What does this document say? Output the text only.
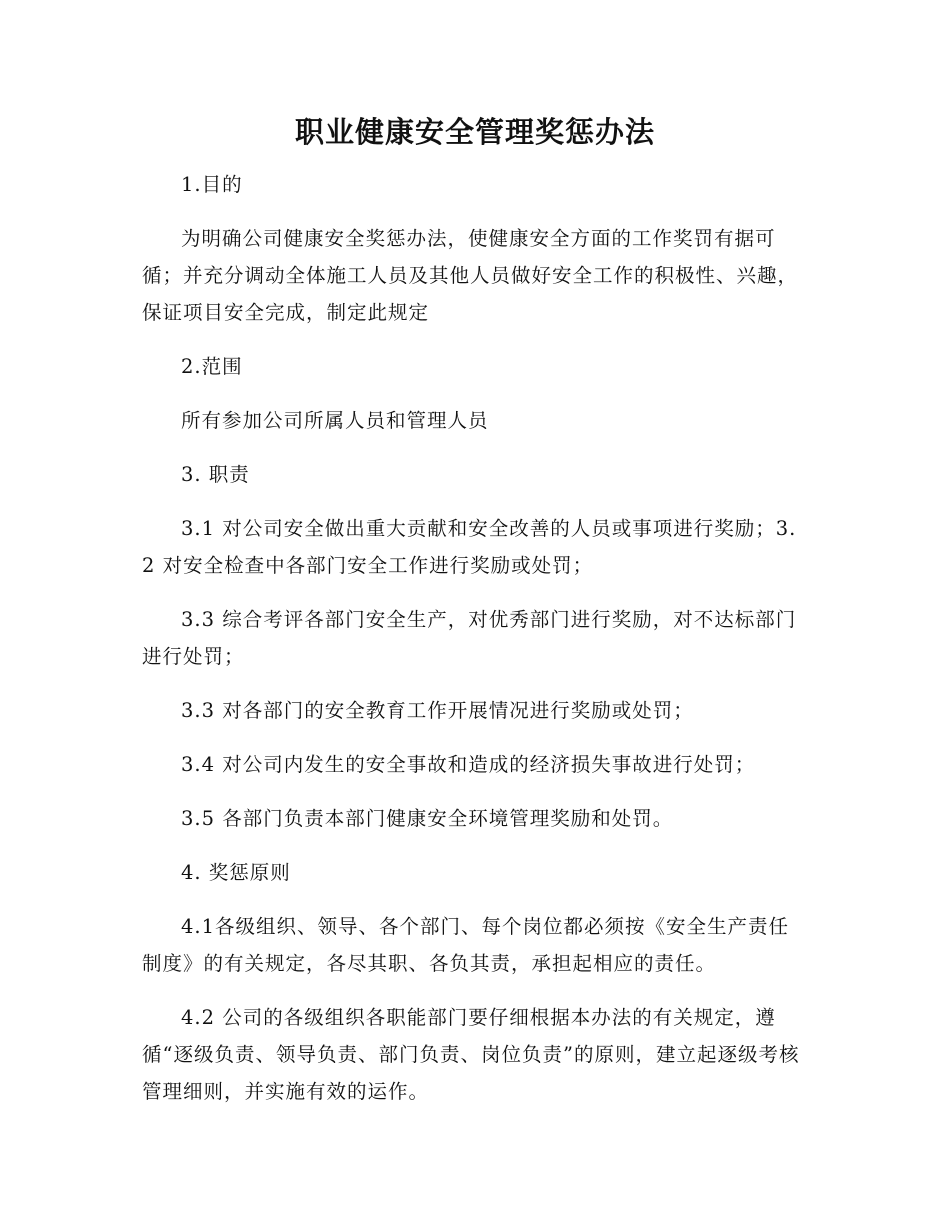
职业健康安全管理奖惩办法

1.目的

为明确公司健康安全奖惩办法，使健康安全方面的工作奖罚有据可循；并充分调动全体施工人员及其他人员做好安全工作的积极性、兴趣，保证项目安全完成，制定此规定

2.范围

所有参加公司所属人员和管理人员

3. 职责

3.1 对公司安全做出重大贡献和安全改善的人员或事项进行奖励；3.2 对安全检查中各部门安全工作进行奖励或处罚；

3.3 综合考评各部门安全生产，对优秀部门进行奖励，对不达标部门进行处罚；

3.3 对各部门的安全教育工作开展情况进行奖励或处罚；

3.4 对公司内发生的安全事故和造成的经济损失事故进行处罚；

3.5 各部门负责本部门健康安全环境管理奖励和处罚。

4. 奖惩原则

4.1各级组织、领导、各个部门、每个岗位都必须按《安全生产责任制度》的有关规定，各尽其职、各负其责，承担起相应的责任。

4.2 公司的各级组织各职能部门要仔细根据本办法的有关规定，遵循“逐级负责、领导负责、部门负责、岗位负责”的原则，建立起逐级考核管理细则，并实施有效的运作。
